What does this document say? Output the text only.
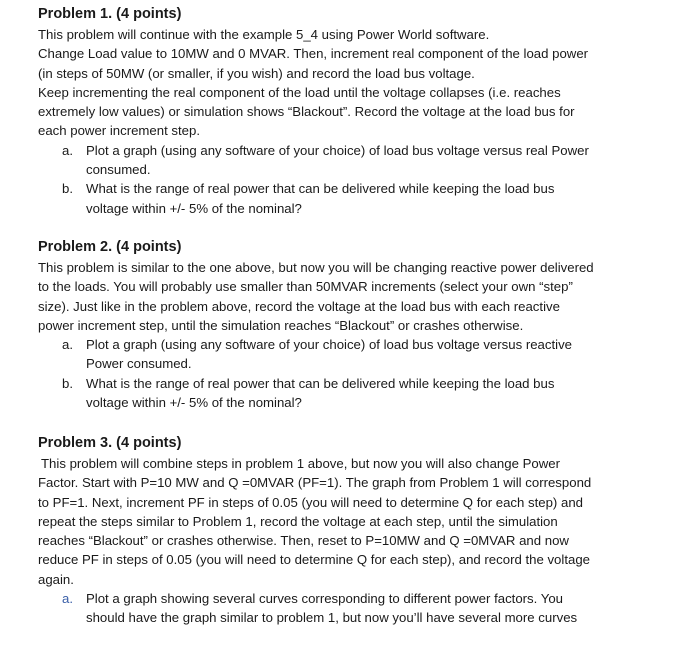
Problem 1. (4 points)

This problem will continue with the example 5_4 using Power World software.

Change Load value to 10MW and 0 MVAR. Then, increment real component of the load power

(in steps of 50MW (or smaller, if you wish) and record the load bus voltage.

Keep incrementing the real component of the load until the voltage collapses (i.e. reaches

extremely low values) or simulation shows “Blackout”. Record the voltage at the load bus for

each power increment step.

a. Plot a graph (using any software of your choice) of load bus voltage versus real Power
consumed.
b. What is the range of real power that can be delivered while keeping the load bus
voltage within +/- 5% of the nominal?
Problem 2. (4 points)

This problem is similar to the one above, but now you will be changing reactive power delivered

to the loads. You will probably use smaller than 50MVAR increments (select your own “step”

size). Just like in the problem above, record the voltage at the load bus with each reactive

power increment step, until the simulation reaches “Blackout” or crashes otherwise.

a. Plot a graph (using any software of your choice) of load bus voltage versus reactive
Power consumed.
b. What is the range of real power that can be delivered while keeping the load bus
voltage within +/- 5% of the nominal?
Problem 3. (4 points)

This problem will combine steps in problem 1 above, but now you will also change Power

Factor. Start with P=10 MW and Q =0MVAR (PF=1). The graph from Problem 1 will correspond

to PF=1. Next, increment PF in steps of 0.05 (you will need to determine Q for each step) and

repeat the steps similar to Problem 1, record the voltage at each step, until the simulation

reaches “Blackout” or crashes otherwise. Then, reset to P=10MW and Q =0MVAR and now

reduce PF in steps of 0.05 (you will need to determine Q for each step), and record the voltage

again.

a. Plot a graph showing several curves corresponding to different power factors. You
should have the graph similar to problem 1, but now you’ll have several more curves
